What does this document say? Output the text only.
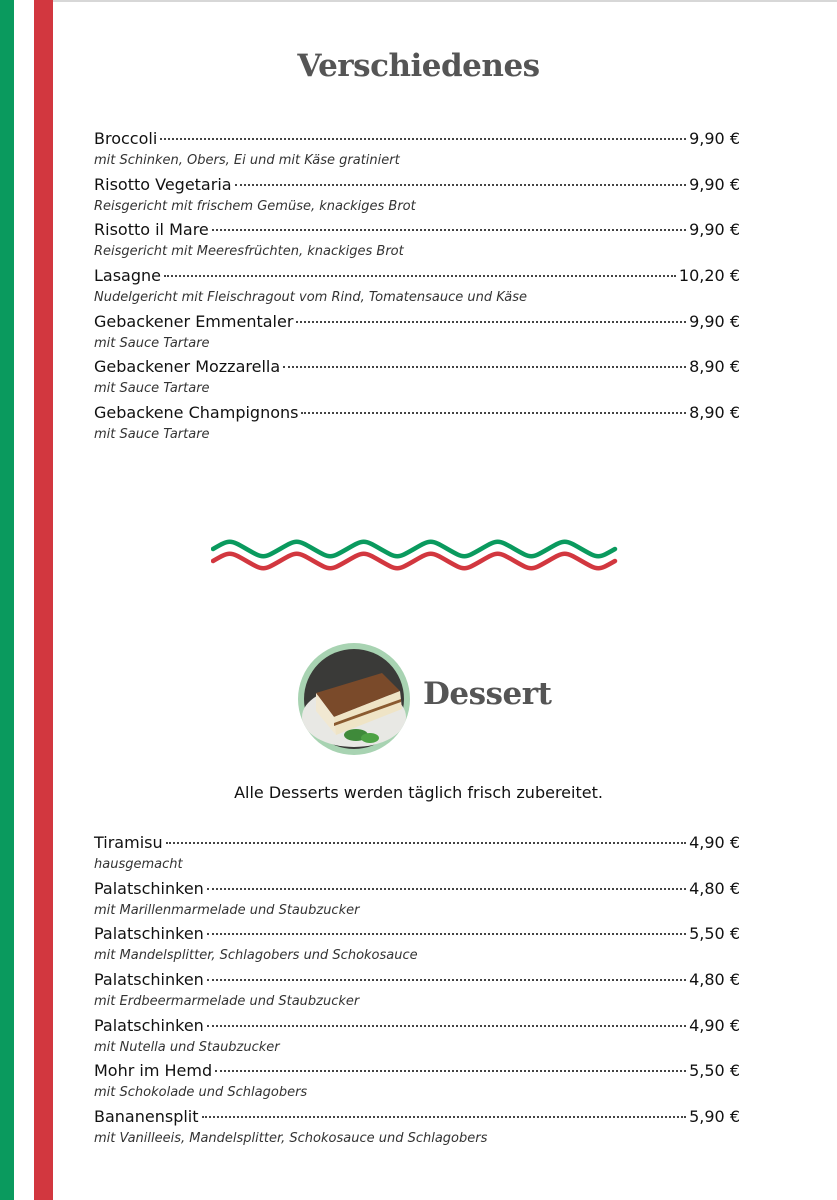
Verschiedenes
Broccoli	9,90 €
mit Schinken, Obers, Ei und mit Käse gratiniert
Risotto Vegetaria	9,90 €
Reisgericht mit frischem Gemüse, knackiges Brot
Risotto il Mare	9,90 €
Reisgericht mit Meeresfrüchten, knackiges Brot
Lasagne	10,20 €
Nudelgericht mit Fleischragout vom Rind, Tomatensauce und Käse
Gebackener Emmentaler	9,90 €
mit Sauce Tartare
Gebackener Mozzarella	8,90 €
mit Sauce Tartare
Gebackene Champignons	8,90 €
mit Sauce Tartare
Dessert

Alle Desserts werden täglich frisch zubereitet.

Tiramisu	4,90 €
hausgemacht
Palatschinken	4,80 €
mit Marillenmarmelade und Staubzucker
Palatschinken	5,50 €
mit Mandelsplitter, Schlagobers und Schokosauce
Palatschinken	4,80 €
mit Erdbeermarmelade und Staubzucker
Palatschinken	4,90 €
mit Nutella und Staubzucker
Mohr im Hemd	5,50 €
mit Schokolade und Schlagobers
Bananensplit	5,90 €
mit Vanilleeis, Mandelsplitter, Schokosauce und Schlagobers
